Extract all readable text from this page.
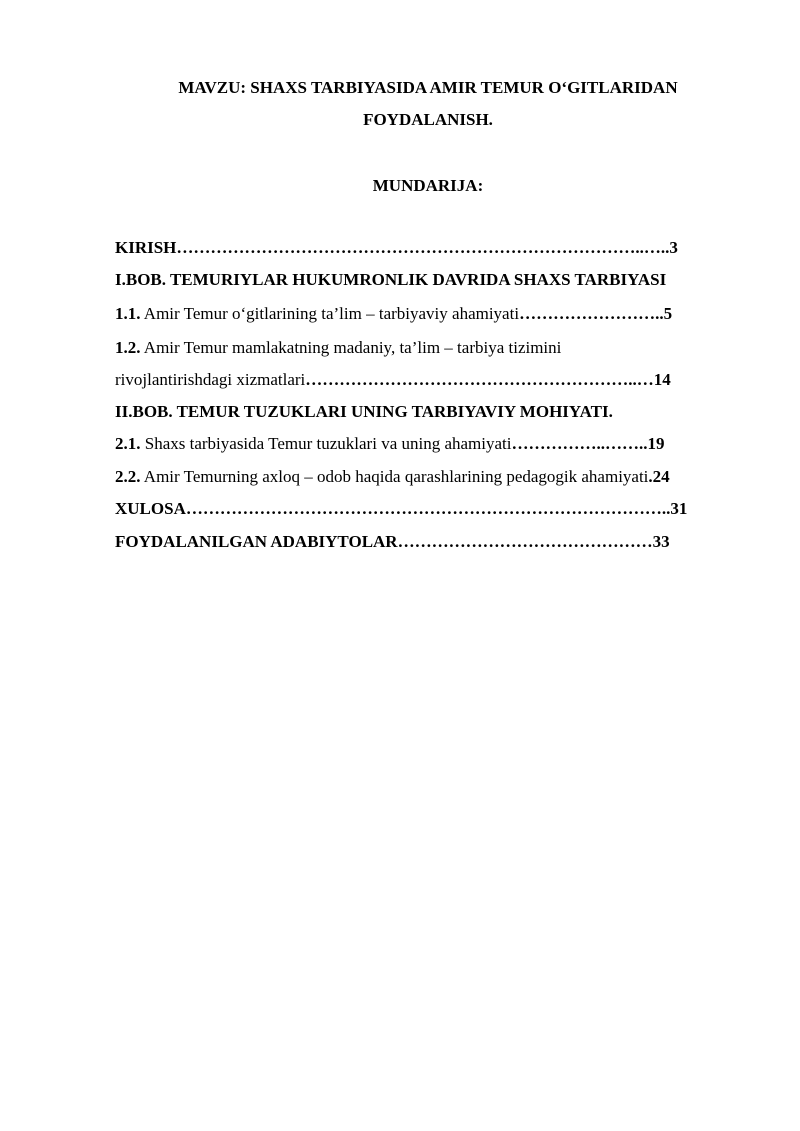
MAVZU: SHAXS TARBIYASIDA AMIR TEMUR O‘GITLARIDAN
FOYDALANISH.
MUNDARIJA:
KIRISH………………………………………………………………………..…..3
I.BOB. TEMURIYLAR HUKUMRONLIK DAVRIDA SHAXS TARBIYASI
1.1. Amir Temur o‘gitlarining ta’lim – tarbiyaviy ahamiyati……………………..5
1.2. Amir Temur mamlakatning madaniy, ta’lim – tarbiya tizimini
rivojlantirishdagi xizmatlari…………………………………………………..…14
II.BOB. TEMUR TUZUKLARI UNING TARBIYAVIY MOHIYATI.
2.1. Shaxs tarbiyasida Temur tuzuklari va uning ahamiyati……………..……..19
2.2. Amir Temurning axloq – odob haqida qarashlarining pedagogik ahamiyati.24
XULOSA…………………………………………………………………………..31
FOYDALANILGAN ADABIYTOLAR………………………………………33
